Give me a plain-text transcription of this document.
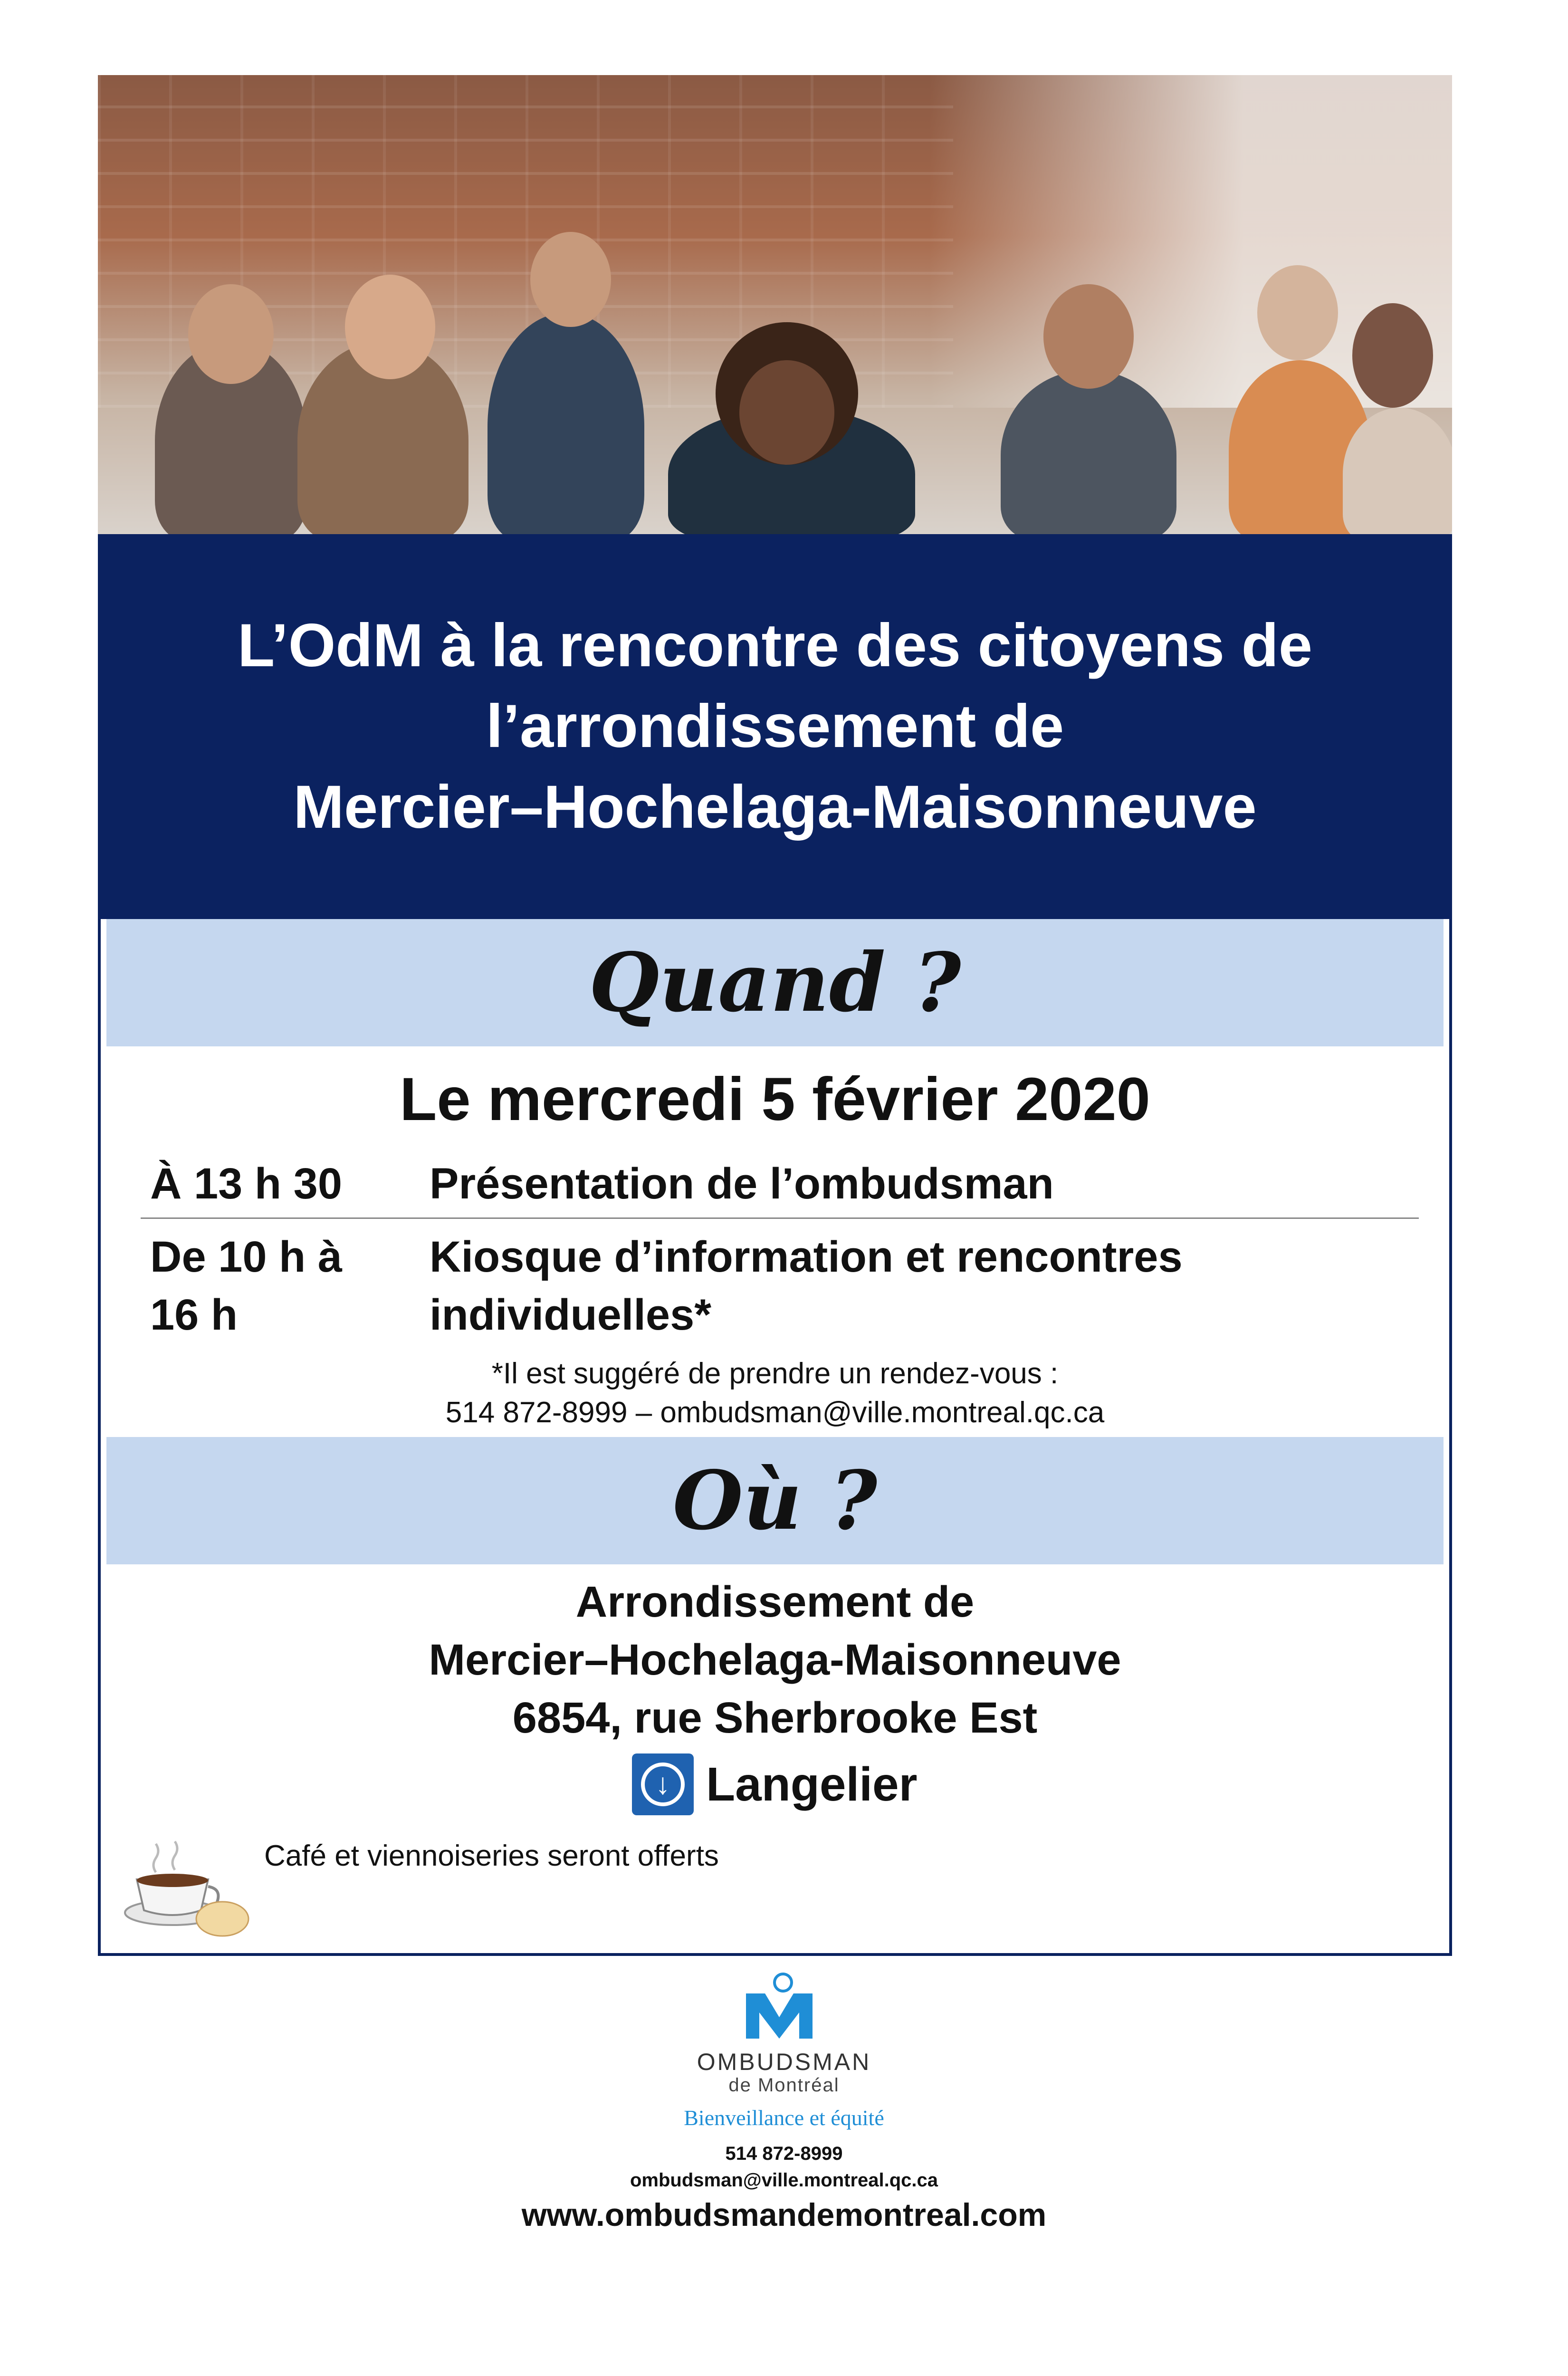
L’OdM à la rencontre des citoyens de
l’arrondissement de
Mercier–Hochelaga-Maisonneuve
Quand ?
Le mercredi 5 février 2020
À 13 h 30 Présentation de l’ombudsman
De 10 h à
16 h
Kiosque d’information et rencontres
individuelles*
*Il est suggéré de prendre un rendez-vous :
514 872-8999 – ombudsman@ville.montreal.qc.ca
Où ?
Arrondissement de
Mercier–Hochelaga-Maisonneuve
6854, rue Sherbrooke Est
↓ Langelier
Café et viennoiseries seront offerts
OMBUDSMAN
de Montréal
Bienveillance et équité
514 872-8999
ombudsman@ville.montreal.qc.ca
www.ombudsmandemontreal.com
